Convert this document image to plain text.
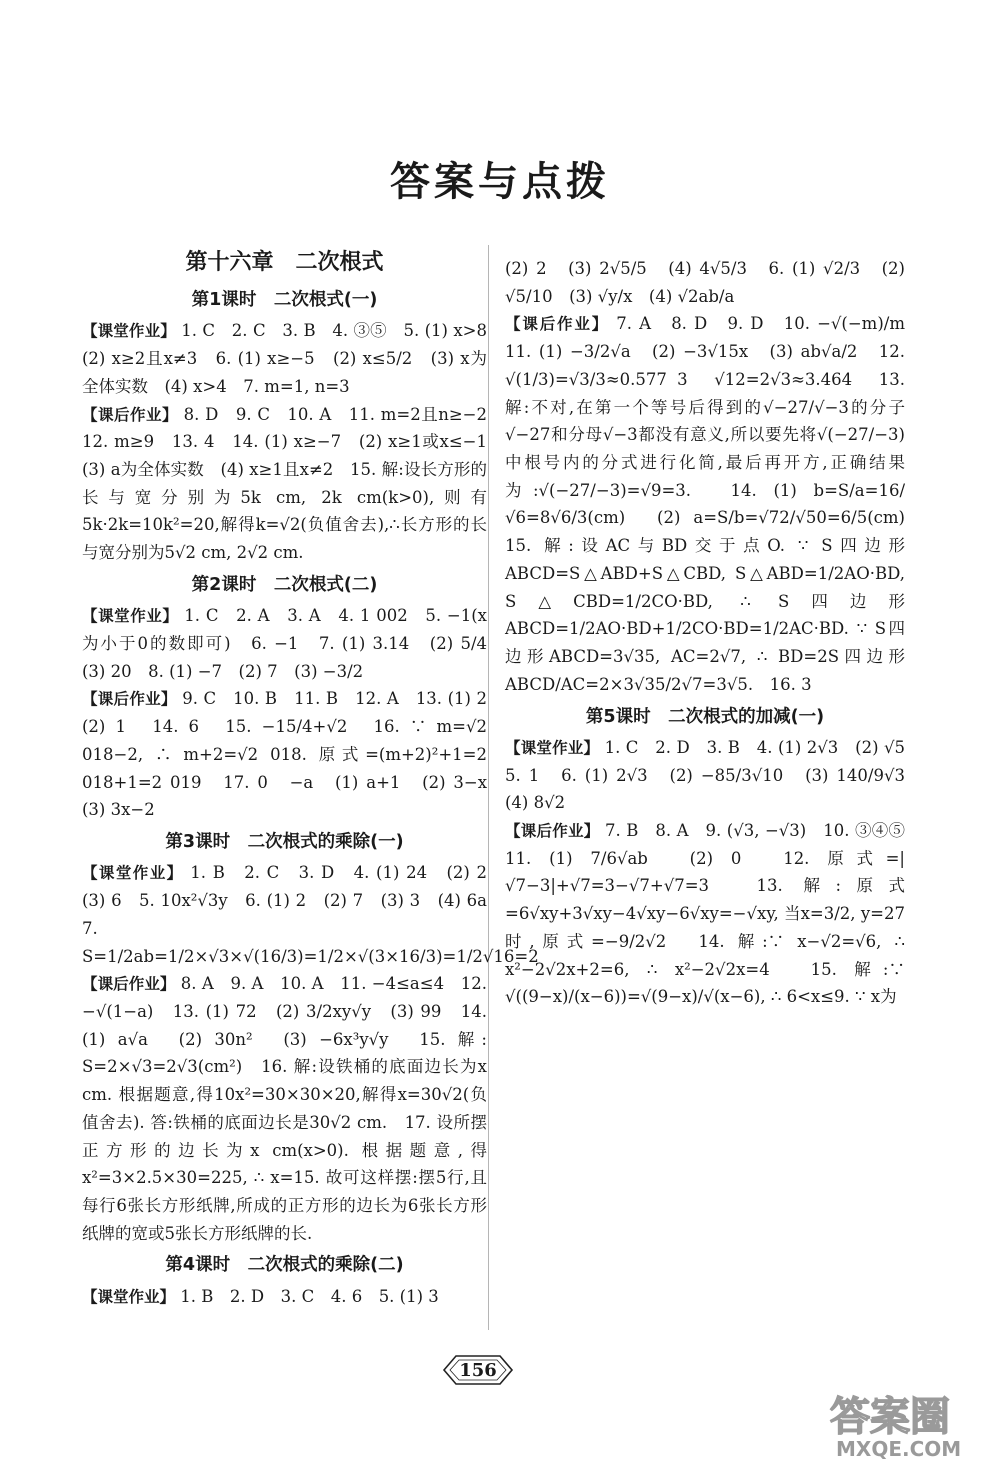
答案与点拨
第十六章　二次根式
第1课时　二次根式(一)
【课堂作业】 1. C　2. C　3. B　4. ③⑤　5. (1) x>8　(2) x≥2且x≠3　6. (1) x≥−5　(2) x≤5/2　(3) x为全体实数　(4) x>4　7. m=1, n=3
【课后作业】 8. D　9. C　10. A　11. m=2且n≥−2　12. m≥9　13. 4　14. (1) x≥−7　(2) x≥1或x≤−1　(3) a为全体实数　(4) x≥1且x≠2　15. 解:设长方形的长与宽分别为5k cm, 2k cm(k>0),则有5k·2k=10k²=20,解得k=√2(负值舍去),∴长方形的长与宽分别为5√2 cm, 2√2 cm.
第2课时　二次根式(二)
【课堂作业】 1. C　2. A　3. A　4. 1 002　5. −1(x为小于0的数即可)　6. −1　7. (1) 3.14　(2) 5/4　(3) 20　8. (1) −7　(2) 7　(3) −3/2
【课后作业】 9. C　10. B　11. B　12. A　13. (1) 2　(2) 1　14. 6　15. −15/4+√2　16. ∵ m=√2 018−2, ∴ m+2=√2 018. 原式=(m+2)²+1=2 018+1=2 019　17. 0　−a　(1) a+1　(2) 3−x　(3) 3x−2
第3课时　二次根式的乘除(一)
【课堂作业】 1. B　2. C　3. D　4. (1) 24　(2) 2　(3) 6　5. 10x²√3y　6. (1) 2　(2) 7　(3) 3　(4) 6a　7. S=1/2ab=1/2×√3×√(16/3)=1/2×√(3×16/3)=1/2√16=2
【课后作业】 8. A　9. A　10. A　11. −4≤a≤4　12. −√(1−a)　13. (1) 72　(2) 3/2xy√y　(3) 99　14. (1) a√a　(2) 30n²　(3) −6x³y√y　15. 解: S=2×√3=2√3(cm²)　16. 解:设铁桶的底面边长为x cm. 根据题意,得10x²=30×30×20,解得x=30√2(负值舍去). 答:铁桶的底面边长是30√2 cm.　17. 设所摆正方形的边长为x cm(x>0). 根据题意,得x²=3×2.5×30=225, ∴ x=15. 故可这样摆:摆5行,且每行6张长方形纸牌,所成的正方形的边长为6张长方形纸牌的宽或5张长方形纸牌的长.
第4课时　二次根式的乘除(二)
【课堂作业】 1. B　2. D　3. C　4. 6　5. (1) 3
(2) 2　(3) 2√5/5　(4) 4√5/3　6. (1) √2/3　(2) √5/10　(3) √y/x　(4) √2ab/a
【课后作业】 7. A　8. D　9. D　10. −√(−m)/m　11. (1) −3/2√a　(2) −3√15x　(3) ab√a/2　12. √(1/3)=√3/3≈0.577 3　√12=2√3≈3.464　13. 解:不对,在第一个等号后得到的√−27/√−3的分子√−27和分母√−3都没有意义,所以要先将√(−27/−3)中根号内的分式进行化简,最后再开方,正确结果为:√(−27/−3)=√9=3.　14. (1) b=S/a=16/√6=8√6/3(cm)　(2) a=S/b=√72/√50=6/5(cm)　15. 解:设AC与BD交于点O. ∵ S四边形ABCD=S△ABD+S△CBD, S△ABD=1/2AO·BD, S△CBD=1/2CO·BD, ∴ S四边形ABCD=1/2AO·BD+1/2CO·BD=1/2AC·BD. ∵ S四边形ABCD=3√35, AC=2√7, ∴ BD=2S四边形ABCD/AC=2×3√35/2√7=3√5.　16. 3
第5课时　二次根式的加减(一)
【课堂作业】 1. C　2. D　3. B　4. (1) 2√3　(2) √5　5. 1　6. (1) 2√3　(2) −85/3√10　(3) 140/9√3　(4) 8√2
【课后作业】 7. B　8. A　9. (√3, −√3)　10. ③④⑤　11. (1) 7/6√ab　(2) 0　12. 原式=|√7−3|+√7=3−√7+√7=3　13. 解:原式=6√xy+3√xy−4√xy−6√xy=−√xy, 当x=3/2, y=27时,原式=−9/2√2　14. 解:∵ x−√2=√6, ∴ x²−2√2x+2=6, ∴ x²−2√2x=4　15. 解:∵ √((9−x)/(x−6))=√(9−x)/√(x−6), ∴ 6<x≤9. ∵ x为
156
答案圈
MXQE.COM
